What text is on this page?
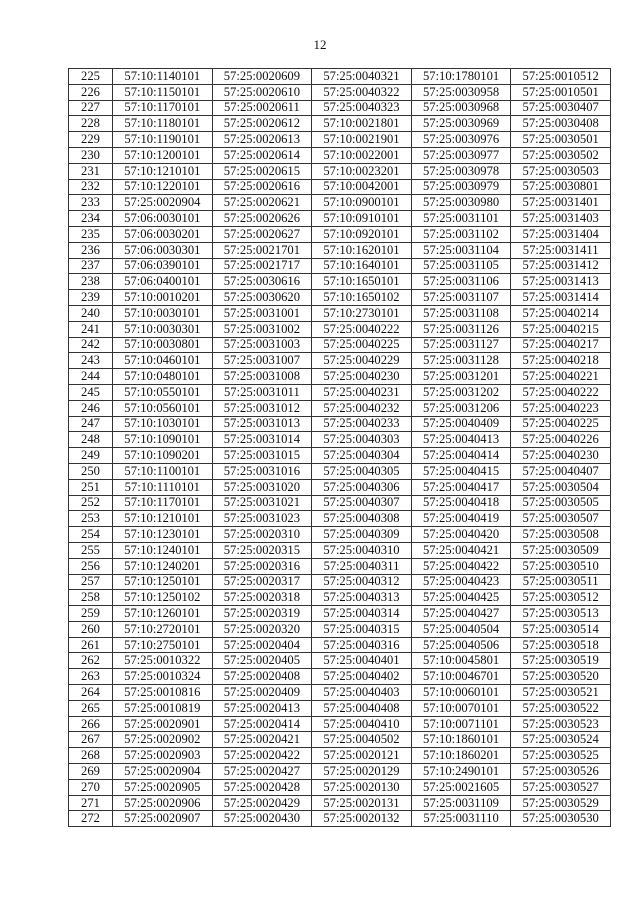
12
225	57:10:1140101	57:25:0020609	57:25:0040321	57:10:1780101	57:25:0010512
226	57:10:1150101	57:25:0020610	57:25:0040322	57:25:0030958	57:25:0010501
227	57:10:1170101	57:25:0020611	57:25:0040323	57:25:0030968	57:25:0030407
228	57:10:1180101	57:25:0020612	57:10:0021801	57:25:0030969	57:25:0030408
229	57:10:1190101	57:25:0020613	57:10:0021901	57:25:0030976	57:25:0030501
230	57:10:1200101	57:25:0020614	57:10:0022001	57:25:0030977	57:25:0030502
231	57:10:1210101	57:25:0020615	57:10:0023201	57:25:0030978	57:25:0030503
232	57:10:1220101	57:25:0020616	57:10:0042001	57:25:0030979	57:25:0030801
233	57:25:0020904	57:25:0020621	57:10:0900101	57:25:0030980	57:25:0031401
234	57:06:0030101	57:25:0020626	57:10:0910101	57:25:0031101	57:25:0031403
235	57:06:0030201	57:25:0020627	57:10:0920101	57:25:0031102	57:25:0031404
236	57:06:0030301	57:25:0021701	57:10:1620101	57:25:0031104	57:25:0031411
237	57:06:0390101	57:25:0021717	57:10:1640101	57:25:0031105	57:25:0031412
238	57:06:0400101	57:25:0030616	57:10:1650101	57:25:0031106	57:25:0031413
239	57:10:0010201	57:25:0030620	57:10:1650102	57:25:0031107	57:25:0031414
240	57:10:0030101	57:25:0031001	57:10:2730101	57:25:0031108	57:25:0040214
241	57:10:0030301	57:25:0031002	57:25:0040222	57:25:0031126	57:25:0040215
242	57:10:0030801	57:25:0031003	57:25:0040225	57:25:0031127	57:25:0040217
243	57:10:0460101	57:25:0031007	57:25:0040229	57:25:0031128	57:25:0040218
244	57:10:0480101	57:25:0031008	57:25:0040230	57:25:0031201	57:25:0040221
245	57:10:0550101	57:25:0031011	57:25:0040231	57:25:0031202	57:25:0040222
246	57:10:0560101	57:25:0031012	57:25:0040232	57:25:0031206	57:25:0040223
247	57:10:1030101	57:25:0031013	57:25:0040233	57:25:0040409	57:25:0040225
248	57:10:1090101	57:25:0031014	57:25:0040303	57:25:0040413	57:25:0040226
249	57:10:1090201	57:25:0031015	57:25:0040304	57:25:0040414	57:25:0040230
250	57:10:1100101	57:25:0031016	57:25:0040305	57:25:0040415	57:25:0040407
251	57:10:1110101	57:25:0031020	57:25:0040306	57:25:0040417	57:25:0030504
252	57:10:1170101	57:25:0031021	57:25:0040307	57:25:0040418	57:25:0030505
253	57:10:1210101	57:25:0031023	57:25:0040308	57:25:0040419	57:25:0030507
254	57:10:1230101	57:25:0020310	57:25:0040309	57:25:0040420	57:25:0030508
255	57:10:1240101	57:25:0020315	57:25:0040310	57:25:0040421	57:25:0030509
256	57:10:1240201	57:25:0020316	57:25:0040311	57:25:0040422	57:25:0030510
257	57:10:1250101	57:25:0020317	57:25:0040312	57:25:0040423	57:25:0030511
258	57:10:1250102	57:25:0020318	57:25:0040313	57:25:0040425	57:25:0030512
259	57:10:1260101	57:25:0020319	57:25:0040314	57:25:0040427	57:25:0030513
260	57:10:2720101	57:25:0020320	57:25:0040315	57:25:0040504	57:25:0030514
261	57:10:2750101	57:25:0020404	57:25:0040316	57:25:0040506	57:25:0030518
262	57:25:0010322	57:25:0020405	57:25:0040401	57:10:0045801	57:25:0030519
263	57:25:0010324	57:25:0020408	57:25:0040402	57:10:0046701	57:25:0030520
264	57:25:0010816	57:25:0020409	57:25:0040403	57:10:0060101	57:25:0030521
265	57:25:0010819	57:25:0020413	57:25:0040408	57:10:0070101	57:25:0030522
266	57:25:0020901	57:25:0020414	57:25:0040410	57:10:0071101	57:25:0030523
267	57:25:0020902	57:25:0020421	57:25:0040502	57:10:1860101	57:25:0030524
268	57:25:0020903	57:25:0020422	57:25:0020121	57:10:1860201	57:25:0030525
269	57:25:0020904	57:25:0020427	57:25:0020129	57:10:2490101	57:25:0030526
270	57:25:0020905	57:25:0020428	57:25:0020130	57:25:0021605	57:25:0030527
271	57:25:0020906	57:25:0020429	57:25:0020131	57:25:0031109	57:25:0030529
272	57:25:0020907	57:25:0020430	57:25:0020132	57:25:0031110	57:25:0030530
